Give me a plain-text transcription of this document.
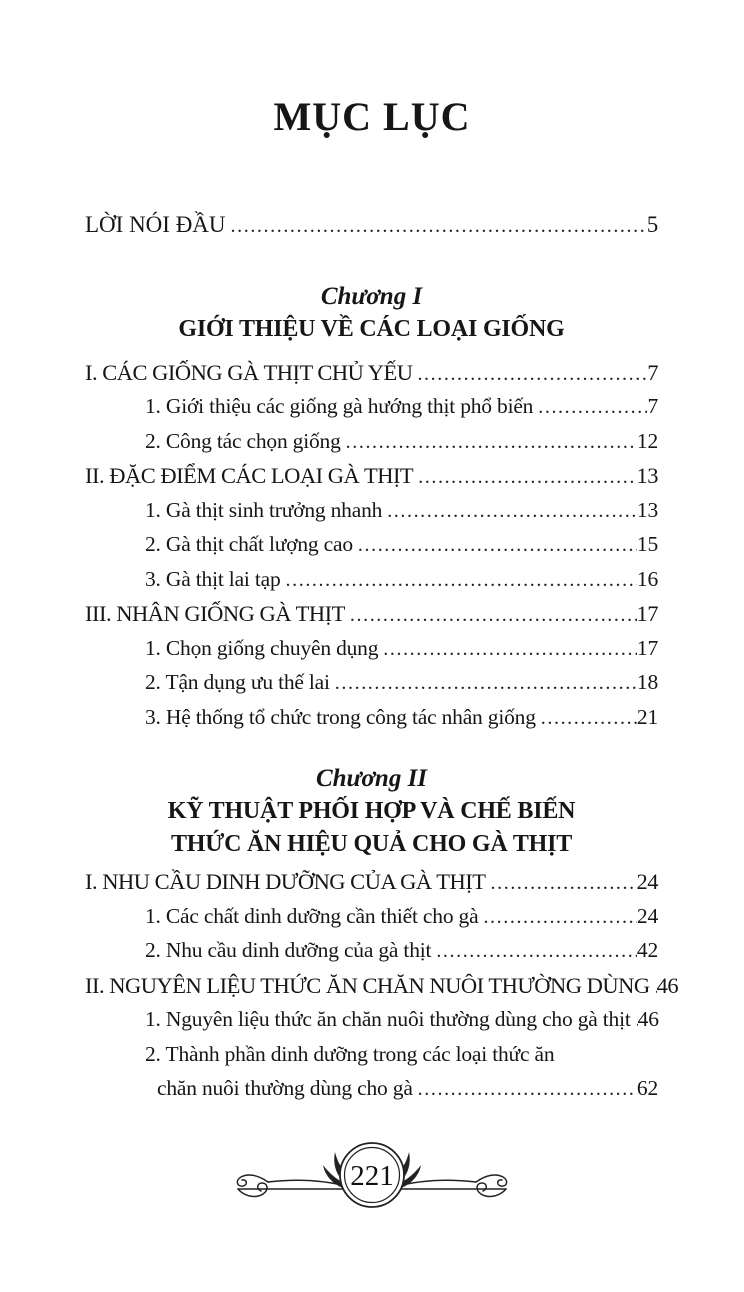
MỤC LỤC
LỜI NÓI ĐẦU .....	5
Chương I
GIỚI THIỆU VỀ CÁC LOẠI GIỐNG
I. CÁC GIỐNG GÀ THỊT CHỦ YẾU .....	7
1. Giới thiệu các giống gà hướng thịt phổ biến .....	7
2. Công tác chọn giống .....	12
II. ĐẶC ĐIỂM CÁC LOẠI GÀ THỊT .....	13
1. Gà thịt sinh trưởng nhanh .....	13
2. Gà thịt chất lượng cao .....	15
3. Gà thịt lai tạp .....	16
III. NHÂN GIỐNG GÀ THỊT .....	17
1. Chọn giống chuyên dụng .....	17
2. Tận dụng ưu thế lai .....	18
3. Hệ thống tổ chức trong công tác nhân giống .....	21
Chương II
KỸ THUẬT PHỐI HỢP VÀ CHẾ BIẾN
THỨC ĂN HIỆU QUẢ CHO GÀ THỊT
I. NHU CẦU DINH DƯỠNG CỦA GÀ THỊT .....	24
1. Các chất dinh dưỡng cần thiết cho gà .....	24
2. Nhu cầu dinh dưỡng của gà thịt .....	42
II. NGUYÊN LIỆU THỨC ĂN CHĂN NUÔI THƯỜNG DÙNG ..... 46
1. Nguyên liệu thức ăn chăn nuôi thường dùng cho gà thịt ..... 46
2. Thành phần dinh dưỡng trong các loại thức ăn
chăn nuôi thường dùng cho gà .....	62
221
